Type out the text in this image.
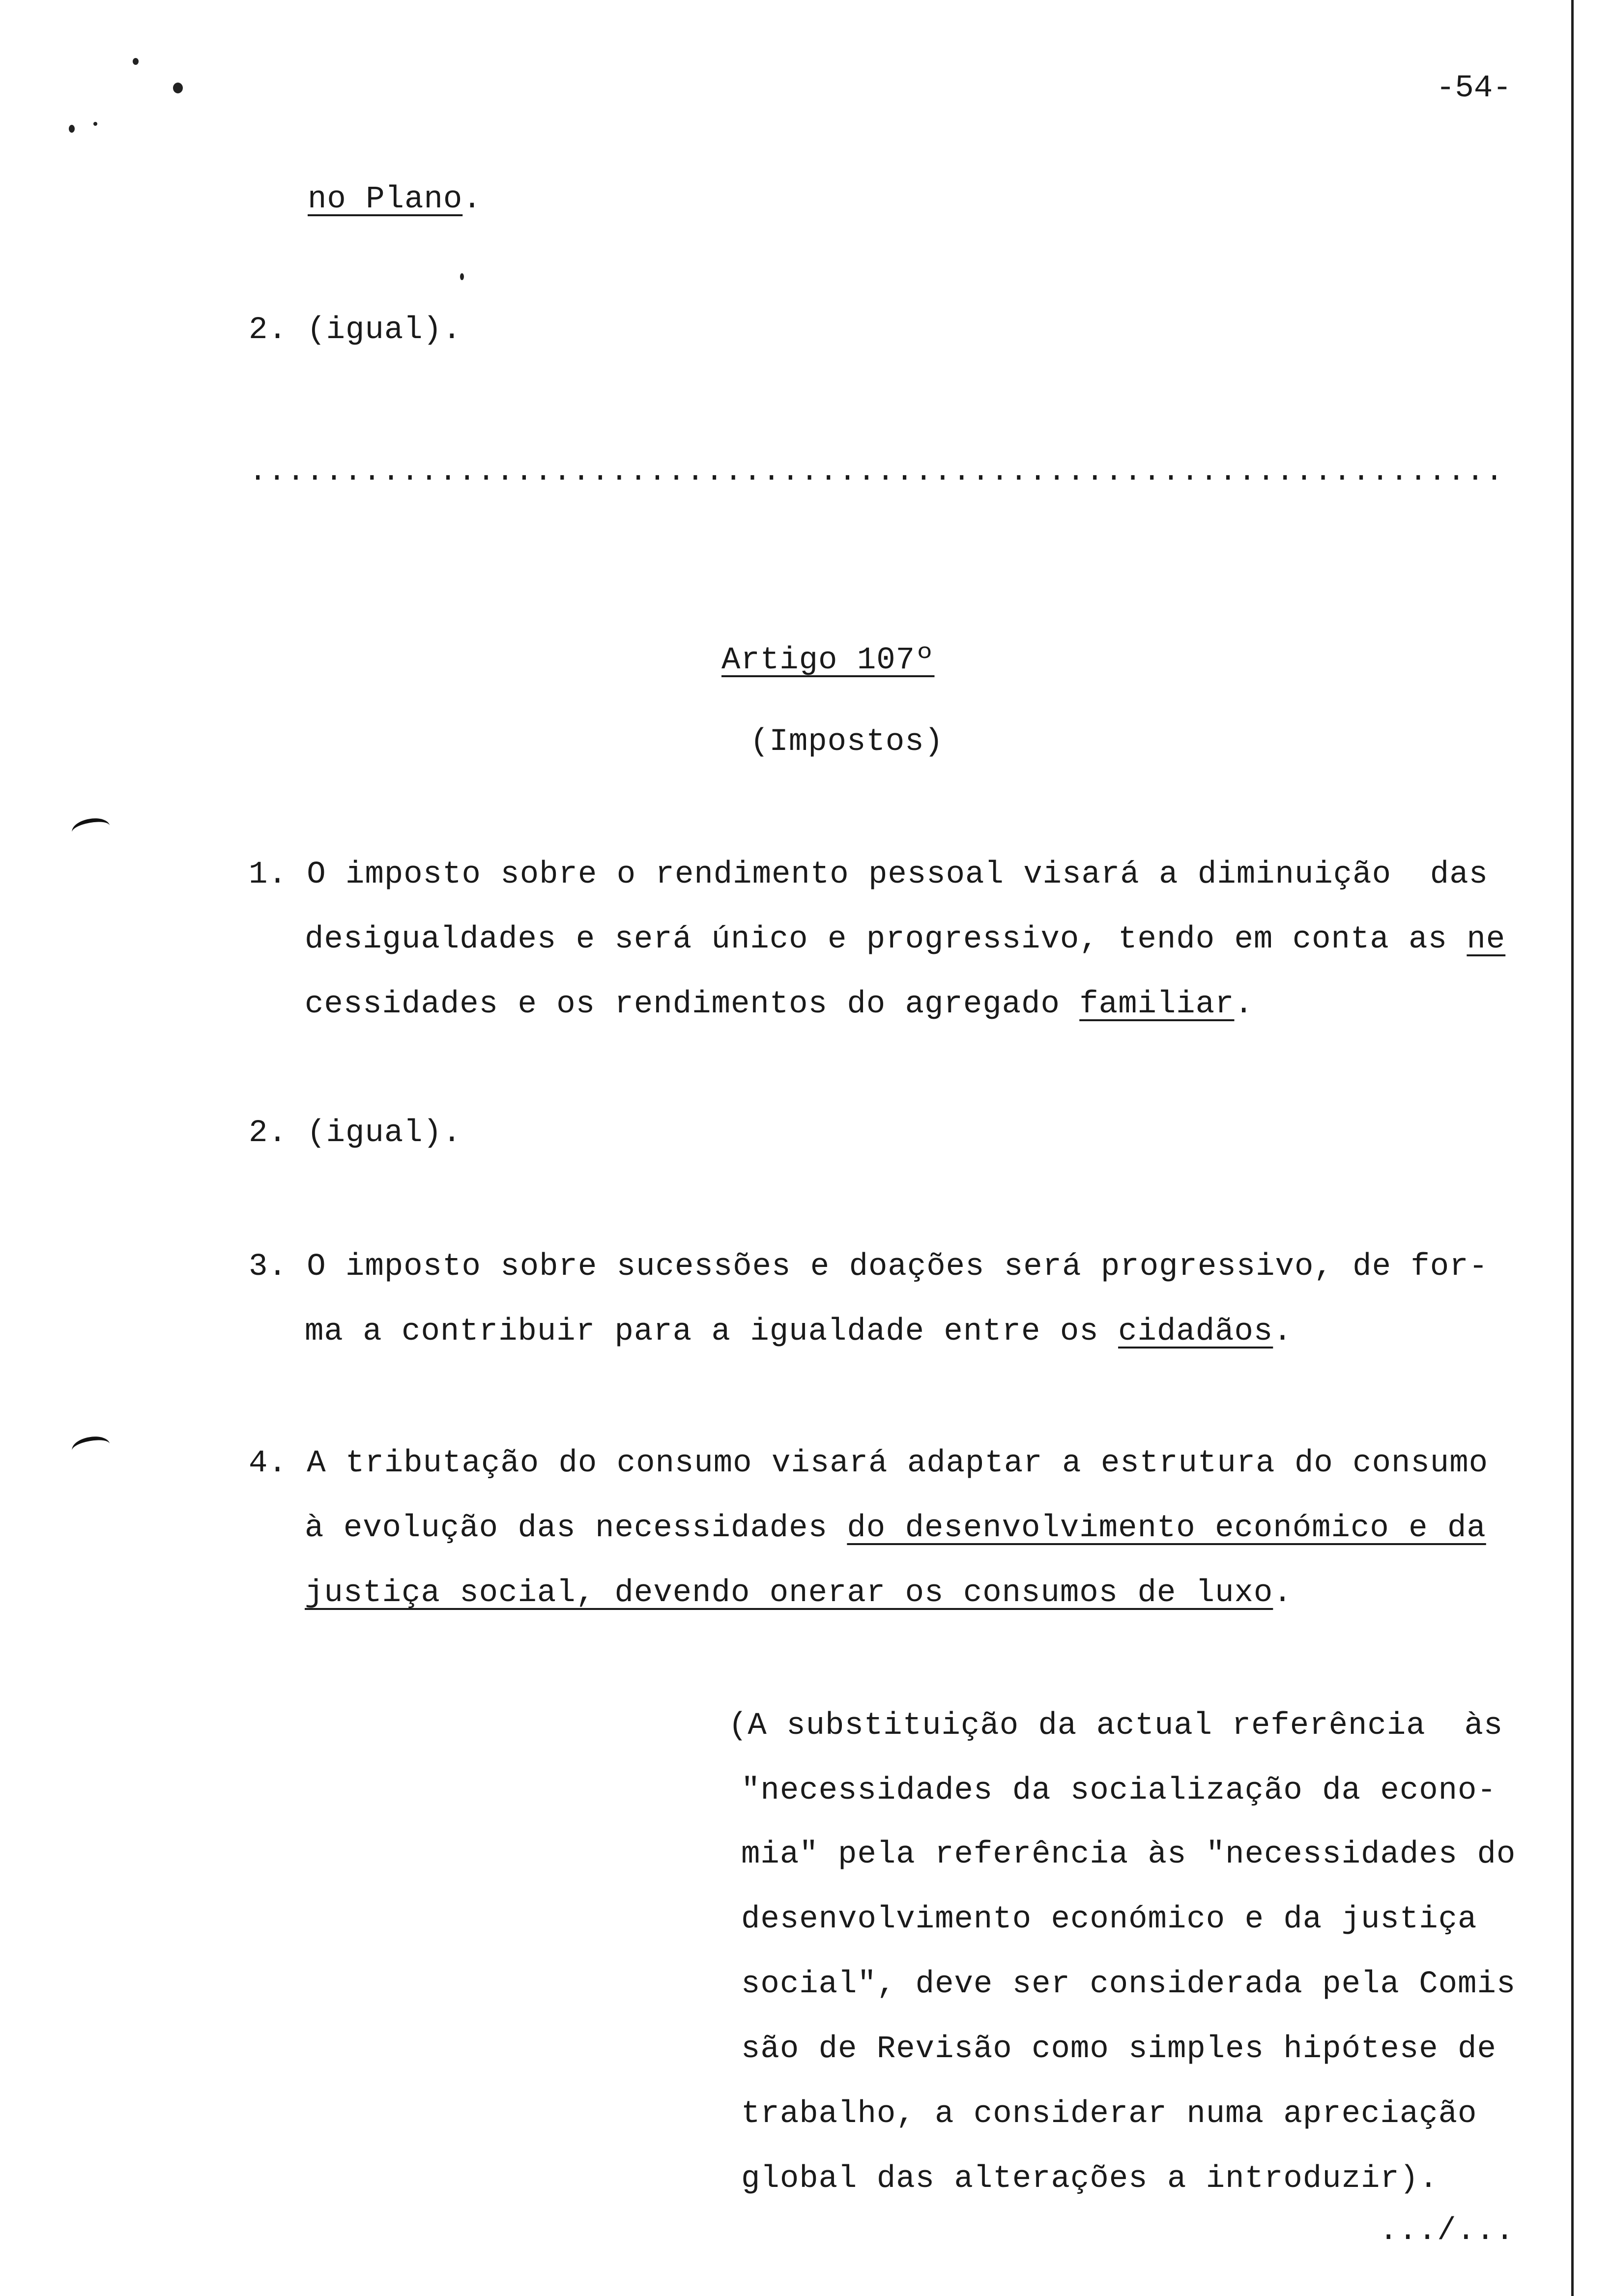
-54-
no Plano.
2. (igual).
..................................................................
Artigo 107º
(Impostos)
1. O imposto sobre o rendimento pessoal visará a diminuição  das
desigualdades e será único e progressivo, tendo em conta as ne
cessidades e os rendimentos do agregado familiar.
2. (igual).
3. O imposto sobre sucessões e doações será progressivo, de for-
ma a contribuir para a igualdade entre os cidadãos.
4. A tributação do consumo visará adaptar a estrutura do consumo
à evolução das necessidades do desenvolvimento económico e da
justiça social, devendo onerar os consumos de luxo.
(A substituição da actual referência  às
"necessidades da socialização da econo-
mia" pela referência às "necessidades do
desenvolvimento económico e da justiça
social", deve ser considerada pela Comis
são de Revisão como simples hipótese de
trabalho, a considerar numa apreciação
global das alterações a introduzir).
.../...
